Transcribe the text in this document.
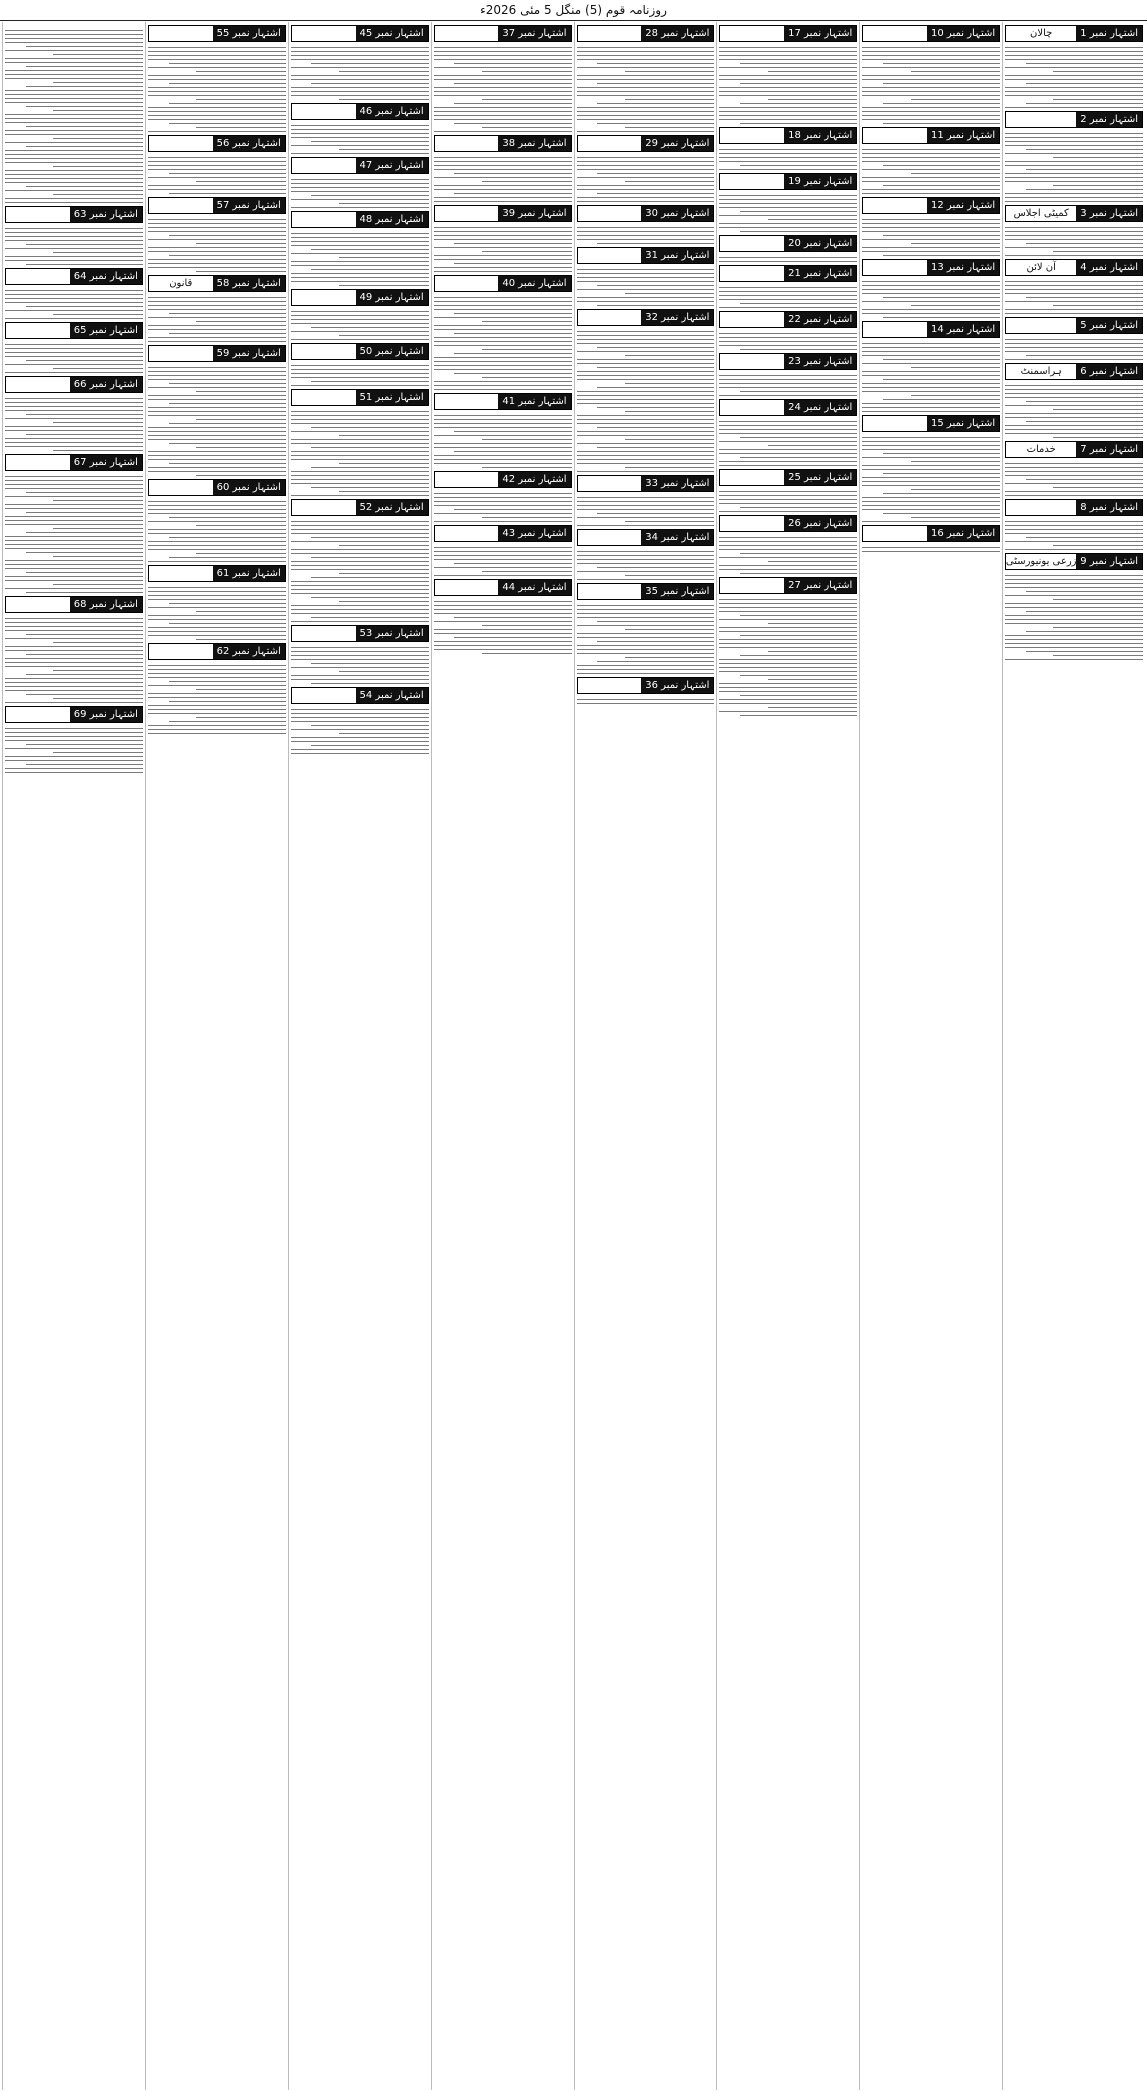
روزنامہ قوم (5) منگل 5 مئی 2026ء
اشتہار نمبر 1
چالان
اشتہار نمبر 2
اشتہار نمبر 3
کمیٹی اجلاس
اشتہار نمبر 4
آن لائن
اشتہار نمبر 5
اشتہار نمبر 6
ہراسمنٹ
اشتہار نمبر 7
خدمات
اشتہار نمبر 8
اشتہار نمبر 9
زرعی یونیورسٹی
اشتہار نمبر 10
اشتہار نمبر 11
اشتہار نمبر 12
اشتہار نمبر 13
اشتہار نمبر 14
اشتہار نمبر 15
اشتہار نمبر 16
اشتہار نمبر 17
اشتہار نمبر 18
اشتہار نمبر 19
اشتہار نمبر 20
اشتہار نمبر 21
اشتہار نمبر 22
اشتہار نمبر 23
اشتہار نمبر 24
اشتہار نمبر 25
اشتہار نمبر 26
اشتہار نمبر 27
اشتہار نمبر 28
اشتہار نمبر 29
اشتہار نمبر 30
اشتہار نمبر 31
اشتہار نمبر 32
اشتہار نمبر 33
اشتہار نمبر 34
اشتہار نمبر 35
اشتہار نمبر 36
اشتہار نمبر 37
اشتہار نمبر 38
اشتہار نمبر 39
اشتہار نمبر 40
اشتہار نمبر 41
اشتہار نمبر 42
اشتہار نمبر 43
اشتہار نمبر 44
اشتہار نمبر 45
اشتہار نمبر 46
اشتہار نمبر 47
اشتہار نمبر 48
اشتہار نمبر 49
اشتہار نمبر 50
اشتہار نمبر 51
اشتہار نمبر 52
اشتہار نمبر 53
اشتہار نمبر 54
اشتہار نمبر 55
اشتہار نمبر 56
اشتہار نمبر 57
اشتہار نمبر 58
قانون
اشتہار نمبر 59
اشتہار نمبر 60
اشتہار نمبر 61
اشتہار نمبر 62
اشتہار نمبر 63
اشتہار نمبر 64
اشتہار نمبر 65
اشتہار نمبر 66
اشتہار نمبر 67
اشتہار نمبر 68
اشتہار نمبر 69
